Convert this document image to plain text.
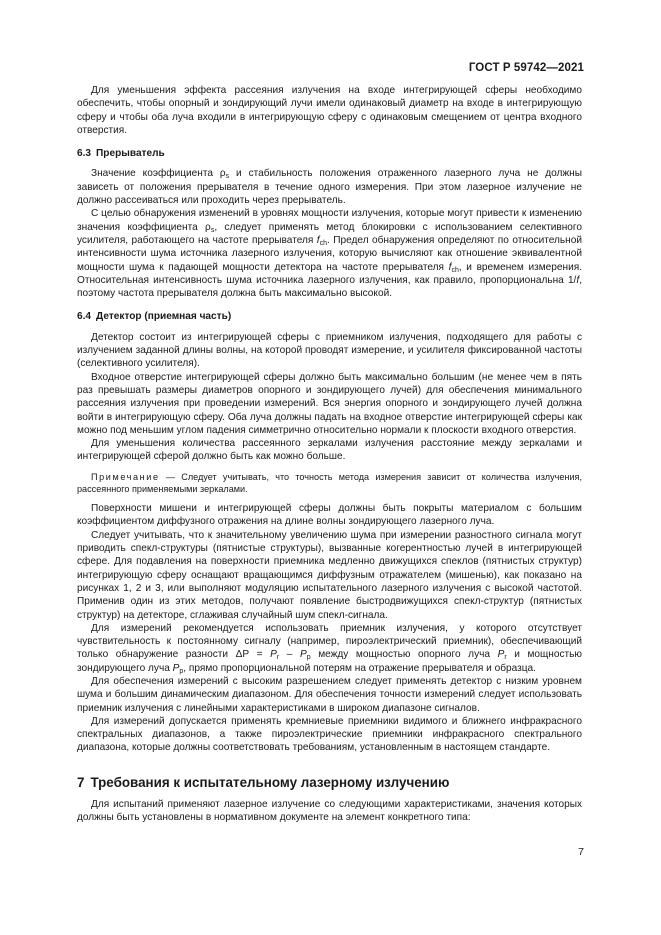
ГОСТ Р 59742—2021

Для уменьшения эффекта рассеяния излучения на входе интегрирующей сферы необходимо обеспечить, чтобы опорный и зондирующий лучи имели одинаковый диаметр на входе в интегрирующую сферу и чтобы оба луча входили в интегрирующую сферу с одинаковым смещением от центра входного отверстия.

6.3 Прерыватель

Значение коэффициента $\rho_s$ и стабильность положения отраженного лазерного луча не должны зависеть от положения прерывателя в течение одного измерения. При этом лазерное излучение не должно рассеиваться или проходить через прерыватель.

С целью обнаружения изменений в уровнях мощности излучения, которые могут привести к изменению значения коэффициента $\rho_s$, следует применять метод блокировки с использованием селективного усилителя, работающего на частоте прерывателя $f_{ch}$. Предел обнаружения определяют по относительной интенсивности шума источника лазерного излучения, которую вычисляют как отношение эквивалентной мощности шума к падающей мощности детектора на частоте прерывателя $f_{ch}$, и временем измерения. Относительная интенсивность шума источника лазерного излучения, как правило, пропорциональна 1/f, поэтому частота прерывателя должна быть максимально высокой.

6.4 Детектор (приемная часть)

Детектор состоит из интегрирующей сферы с приемником излучения, подходящего для работы с излучением заданной длины волны, на которой проводят измерение, и усилителя фиксированной частоты (селективного усилителя).

Входное отверстие интегрирующей сферы должно быть максимально большим (не менее чем в пять раз превышать размеры диаметров опорного и зондирующего лучей) для обеспечения минимального рассеяния излучения при проведении измерений. Вся энергия опорного и зондирующего лучей должна войти в интегрирующую сферу. Оба луча должны падать на входное отверстие интегрирующей сферы как можно под меньшим углом падения симметрично относительно нормали к плоскости входного отверстия.

Для уменьшения количества рассеянного зеркалами излучения расстояние между зеркалами и интегрирующей сферой должно быть как можно больше.

Примечание — Следует учитывать, что точность метода измерения зависит от количества излучения, рассеянного применяемыми зеркалами.

Поверхности мишени и интегрирующей сферы должны быть покрыты материалом с большим коэффициентом диффузного отражения на длине волны зондирующего лазерного луча.

Следует учитывать, что к значительному увеличению шума при измерении разностного сигнала могут приводить спекл-структуры (пятнистые структуры), вызванные когерентностью лучей в интегрирующей сфере. Для подавления на поверхности приемника медленно движущихся спеклов (пятнистых структур) интегрирующую сферу оснащают вращающимся диффузным отражателем (мишенью), как показано на рисунках 1, 2 и 3, или выполняют модуляцию испытательного лазерного излучения с высокой частотой. Применив один из этих методов, получают появление быстродвижущихся спекл-структур (пятнистых структур) на детекторе, сглаживая случайный шум спекл-сигнала.

Для измерений рекомендуется использовать приемник излучения, у которого отсутствует чувствительность к постоянному сигналу (например, пироэлектрический приемник), обеспечивающий только обнаружение разности $\Delta Р = P_r - P_p$ между мощностью опорного луча $P_r$ и мощностью зондирующего луча $P_p$, прямо пропорциональной потерям на отражение прерывателя и образца.

Для обеспечения измерений с высоким разрешением следует применять детектор с низким уровнем шума и большим динамическим диапазоном. Для обеспечения точности измерений следует использовать приемник излучения с линейными характеристиками в широком диапазоне сигналов.

Для измерений допускается применять кремниевые приемники видимого и ближнего инфракрасного спектральных диапазонов, а также пироэлектрические приемники инфракрасного спектрального диапазона, которые должны соответствовать требованиям, установленным в настоящем стандарте.

7 Требования к испытательному лазерному излучению

Для испытаний применяют лазерное излучение со следующими характеристиками, значения которых должны быть установлены в нормативном документе на элемент конкретного типа:

7
